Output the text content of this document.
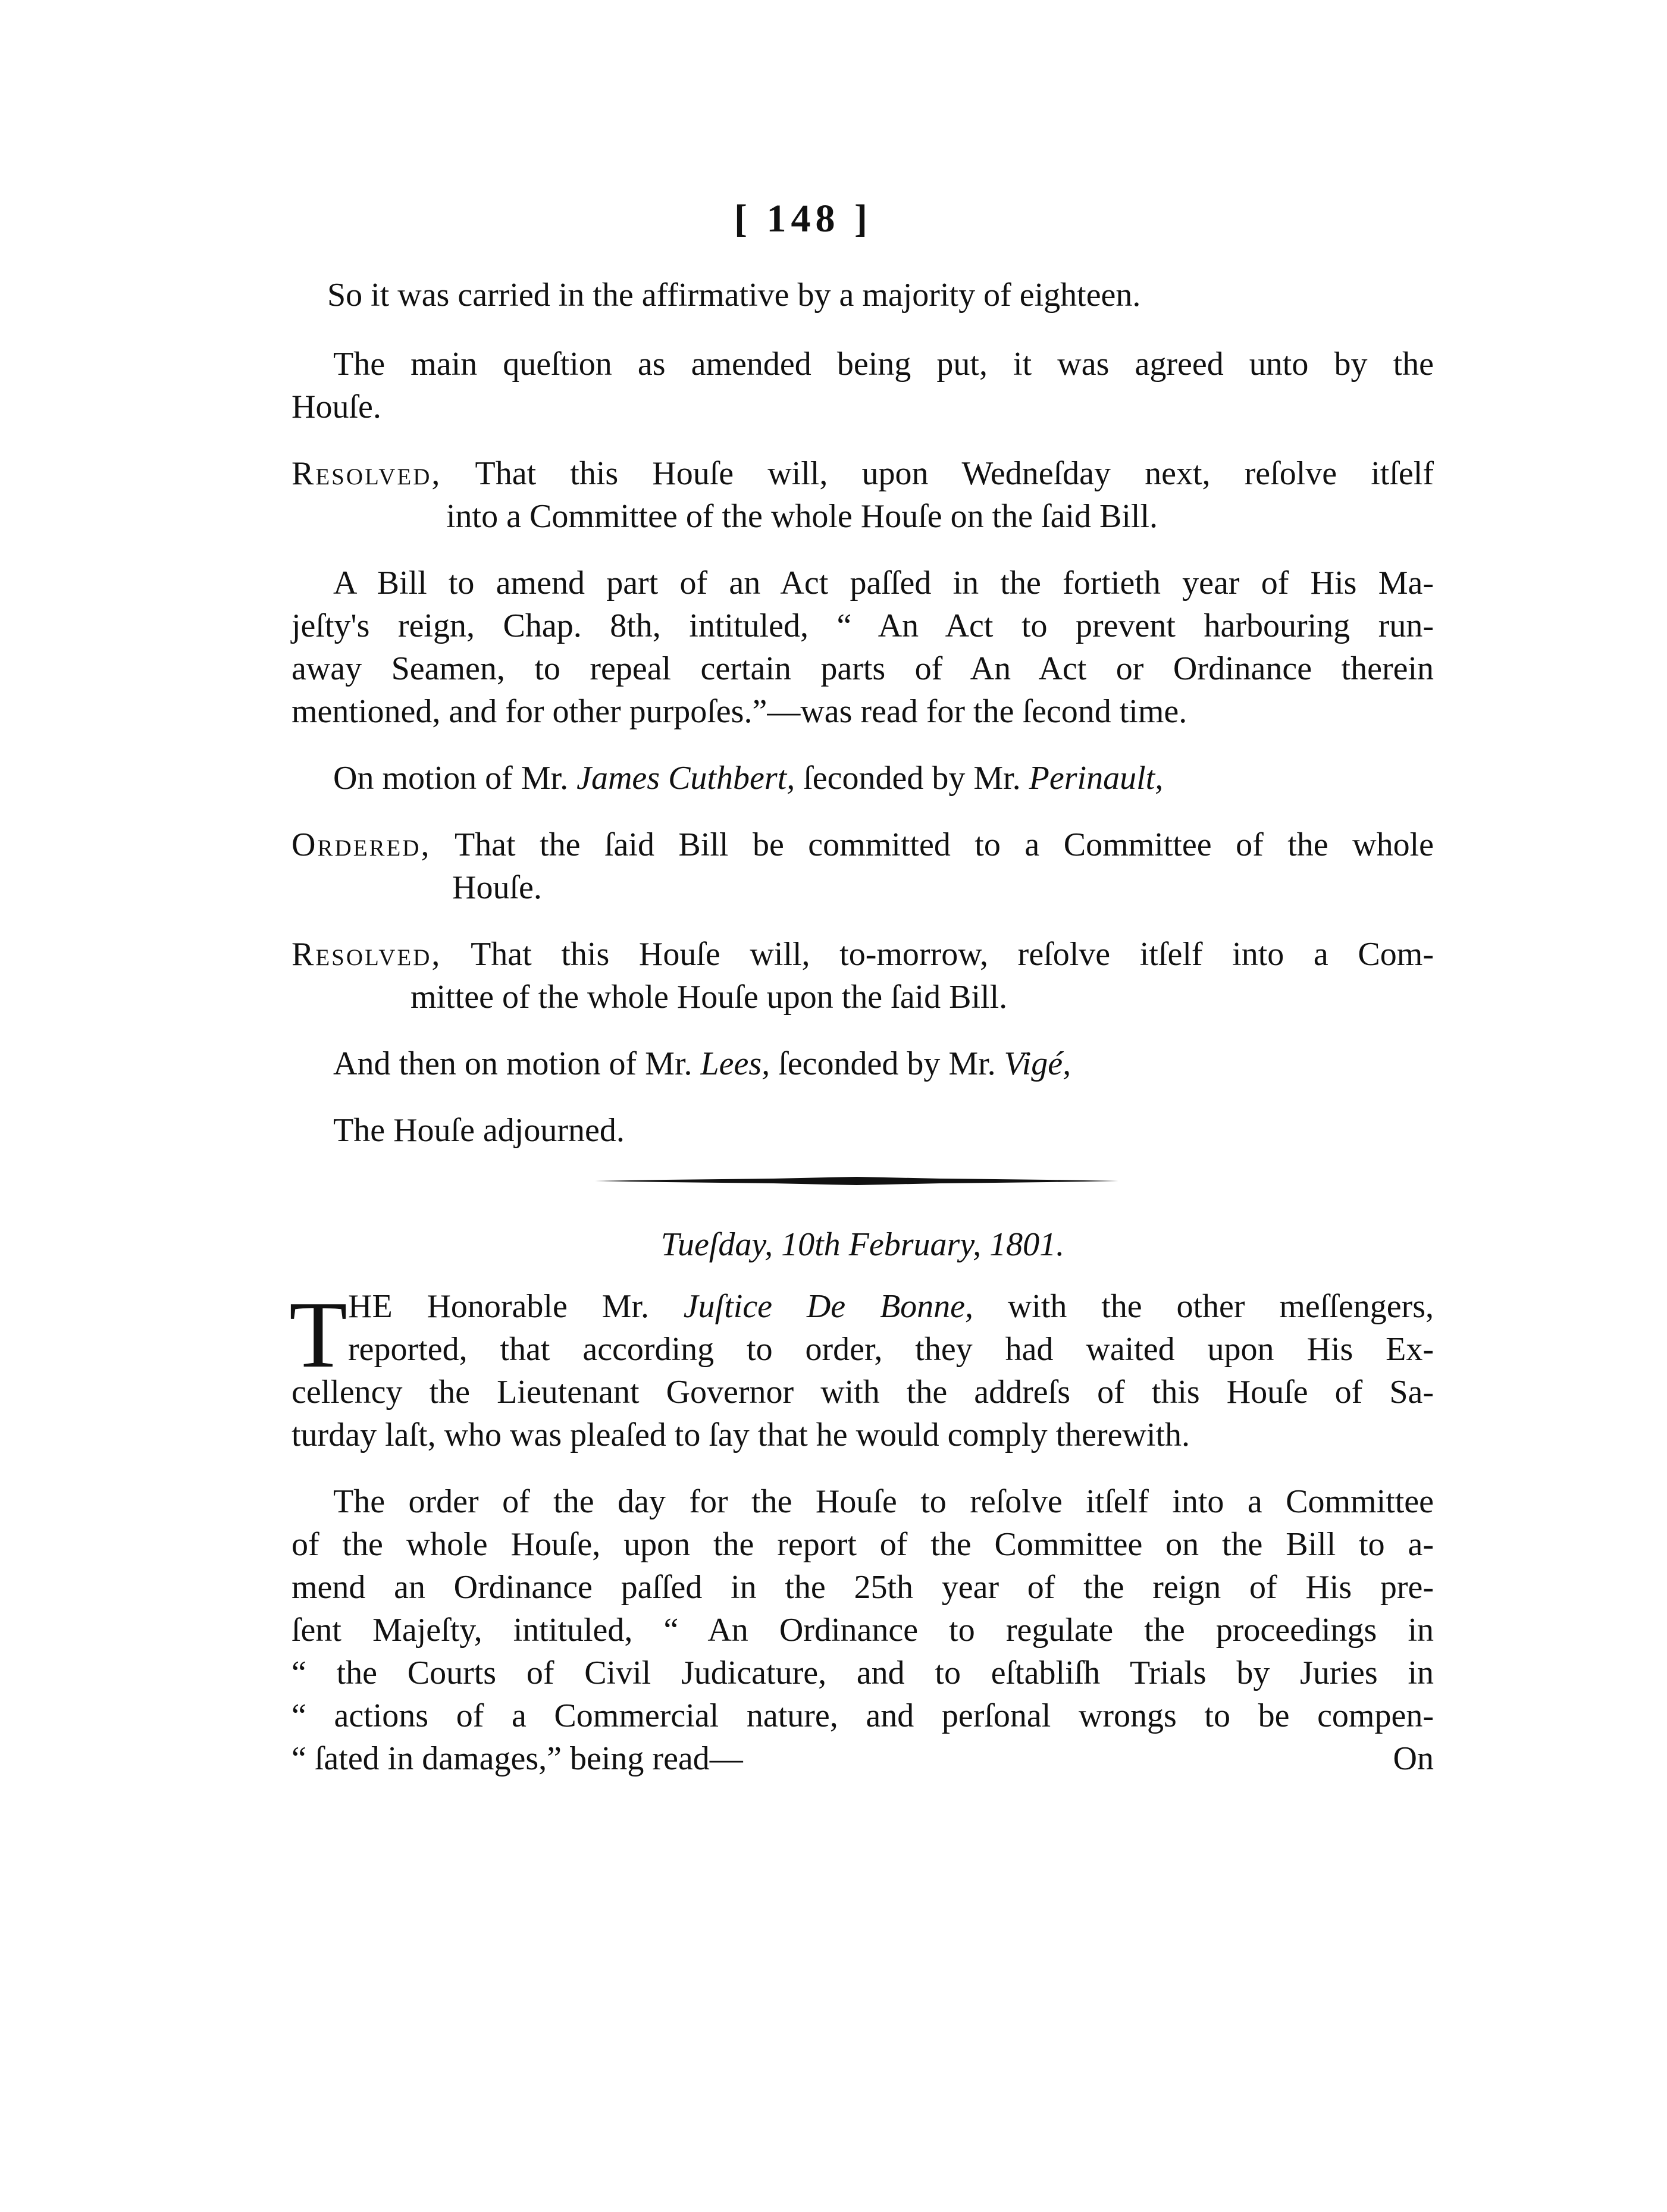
[ 148 ]
So it was carried in the affirmative by a majority of eighteen.
The main queſtion as amended being put, it was agreed unto by the
Houſe.
Resolved, That this Houſe will, upon Wedneſday next, reſolve itſelf
into a Committee of the whole Houſe on the ſaid Bill.
A Bill to amend part of an Act paſſed in the fortieth year of His Ma-
jeſty's reign, Chap. 8th, intituled, “ An Act to prevent harbouring run-
away Seamen, to repeal certain parts of An Act or Ordinance therein
mentioned, and for other purpoſes.”—was read for the ſecond time.
On motion of Mr. James Cuthbert, ſeconded by Mr. Perinault,
Ordered, That the ſaid Bill be committed to a Committee of the whole
Houſe.
Resolved, That this Houſe will, to-morrow, reſolve itſelf into a Com-
mittee of the whole Houſe upon the ſaid Bill.
And then on motion of Mr. Lees, ſeconded by Mr. Vigé,
The Houſe adjourned.
Tueſday, 10th February, 1801.
T HE Honorable Mr. Juſtice De Bonne, with the other meſſengers,
reported, that according to order, they had waited upon His Ex-
cellency the Lieutenant Governor with the addreſs of this Houſe of Sa-
turday laſt, who was pleaſed to ſay that he would comply therewith.
The order of the day for the Houſe to reſolve itſelf into a Committee
of the whole Houſe, upon the report of the Committee on the Bill to a-
mend an Ordinance paſſed in the 25th year of the reign of His pre-
ſent Majeſty, intituled, “ An Ordinance to regulate the proceedings in
“ the Courts of Civil Judicature, and to eſtabliſh Trials by Juries in
“ actions of a Commercial nature, and perſonal wrongs to be compen-
“ ſated in damages,” being read—	On
